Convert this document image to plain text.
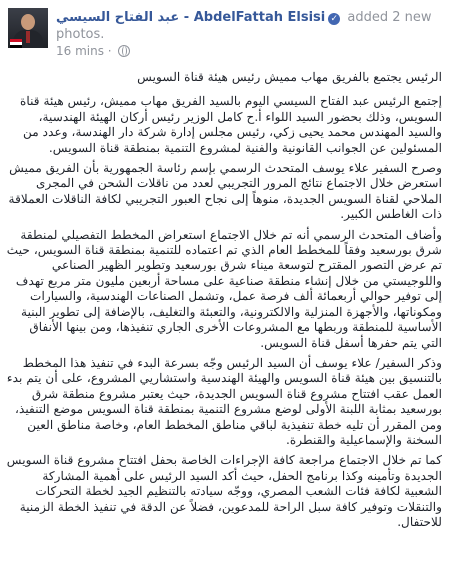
عبد الفتاح السيسي - AbdelFattah Elsisi ✓ added 2 new photos.
16 mins ·

الرئيس يجتمع بالفريق مهاب مميش رئيس هيئة قناة السويس

إجتمع الرئيس عبد الفتاح السيسي اليوم بالسيد الفريق مهاب مميش، رئيس هيئة قناة السويس، وذلك بحضور السيد اللواء أ.ح كامل الوزير رئيس أركان الهيئة الهندسية، والسيد المهندس محمد يحيى زكي، رئيس مجلس إدارة شركة دار الهندسة، وعدد من المسئولين عن الجوانب القانونية والفنية لمشروع التنمية بمنطقة قناة السويس.

وصرح السفير علاء يوسف المتحدث الرسمي بإسم رئاسة الجمهورية بأن الفريق مميش استعرض خلال الاجتماع نتائج المرور التجريبي لعدد من ناقلات الشحن في المجرى الملاحي لقناة السويس الجديدة، منوهاً إلى نجاح العبور التجريبي لكافة الناقلات العملاقة ذات الغاطس الكبير.

وأضاف المتحدث الرسمي أنه تم خلال الاجتماع استعراض المخطط التفصيلي لمنطقة شرق بورسعيد وفقاً للمخطط العام الذي تم اعتماده للتنمية بمنطقة قناة السويس، حيث تم عرض التصور المقترح لتوسعة ميناء شرق بورسعيد وتطوير الظهير الصناعي واللوجيستي من خلال إنشاء منطقة صناعية على مساحة أربعين مليون متر مربع تهدف إلى توفير حوالي أربعمائة ألف فرصة عمل، وتشمل الصناعات الهندسية، والسيارات ومكوناتها، والأجهزة المنزلية والالكترونية، والتعبئة والتغليف، بالإضافة إلى تطوير البنية الأساسية للمنطقة وربطها مع المشروعات الأخرى الجاري تنفيذها، ومن بينها الأنفاق التي يتم حفرها أسفل قناة السويس.

وذكر السفير/ علاء يوسف أن السيد الرئيس وجّه بسرعة البدء في تنفيذ هذا المخطط بالتنسيق بين هيئة قناة السويس والهيئة الهندسية واستشاريي المشروع، على أن يتم بدء العمل عقب افتتاح مشروع قناة السويس الجديدة، حيث يعتبر مشروع منطقة شرق بورسعيد بمثابة اللبنة الأولى لوضع مشروع التنمية بمنطقة قناة السويس موضع التنفيذ، ومن المقرر أن تليه خطة تنفيذية لباقي مناطق المخطط العام، وخاصة مناطق العين السخنة والإسماعيلية والقنطرة.

كما تم خلال الاجتماع مراجعة كافة الإجراءات الخاصة بحفل افتتاح مشروع قناة السويس الجديدة وتأمينه وكذا برنامج الحفل، حيث أكد السيد الرئيس على أهمية المشاركة الشعبية لكافة فئات الشعب المصري، ووجّه سيادته بالتنظيم الجيد لخطة التحركات والتنقلات وتوفير كافة سبل الراحة للمدعوين، فضلاً عن الدقة في تنفيذ الخطة الزمنية للاحتفال.
